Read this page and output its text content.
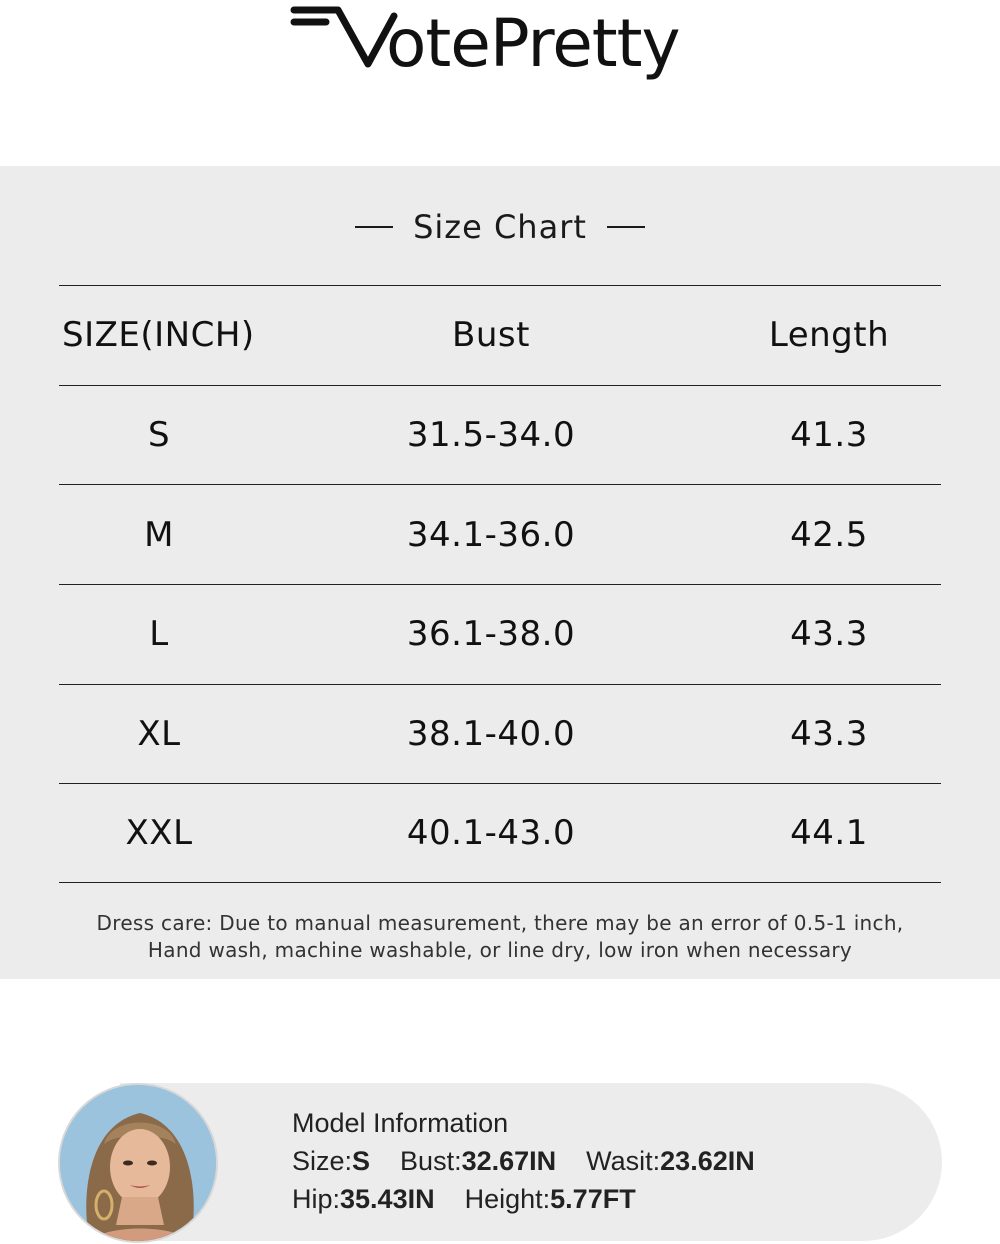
otePretty
Size Chart
SIZE(INCH)	Bust	Length
S	31.5-34.0	41.3
M	34.1-36.0	42.5
L	36.1-38.0	43.3
XL	38.1-40.0	43.3
XXL	40.1-43.0	44.1
Dress care: Due to manual measurement, there may be an error of 0.5-1 inch,
Hand wash, machine washable, or line dry, low iron when necessary
Model Information
Size:S Bust:32.67IN Wasit:23.62IN
Hip:35.43IN Height:5.77FT
